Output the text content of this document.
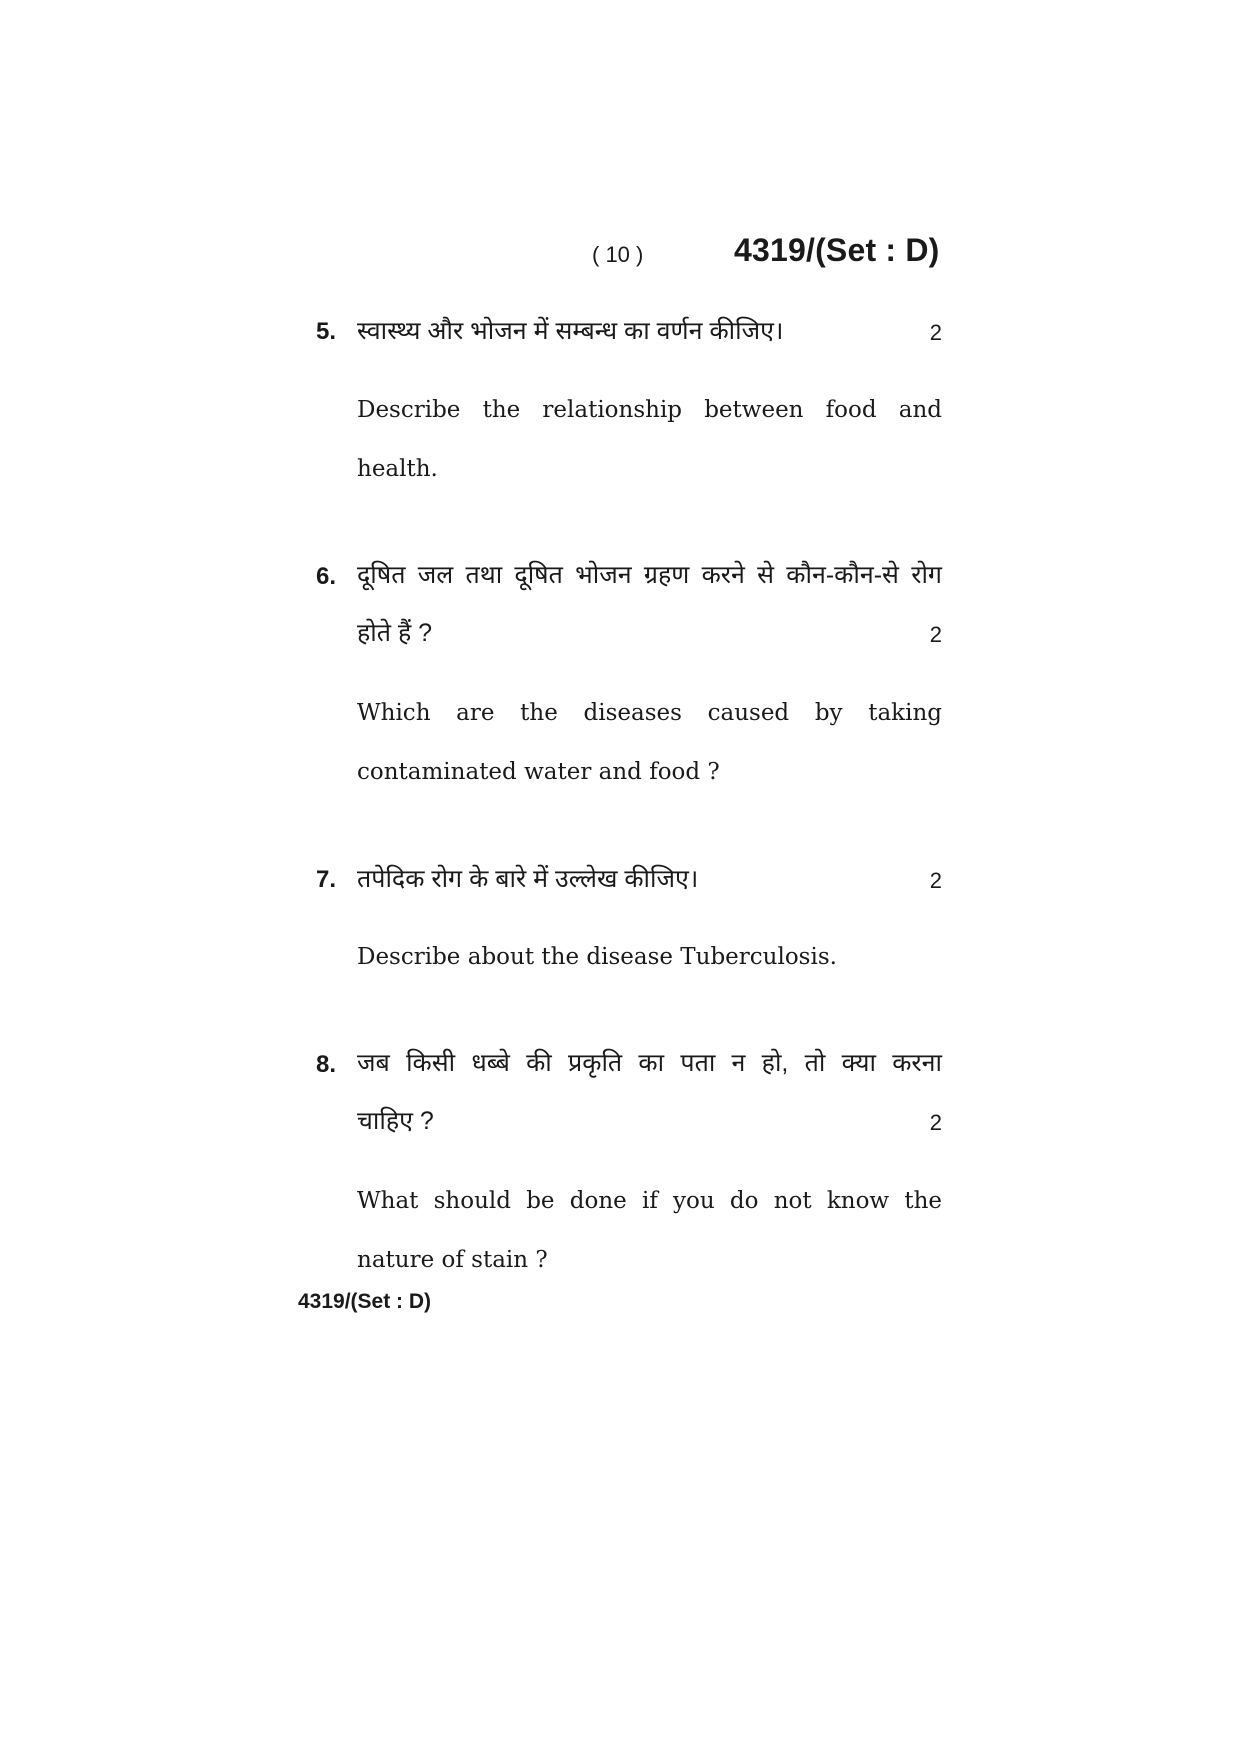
( 10 )	4319/(Set : D)
5. स्वास्थ्य और भोजन में सम्बन्ध का वर्णन कीजिए।	2
Describe the relationship between food and
health.
6. दूषित जल तथा दूषित भोजन ग्रहण करने से कौन-कौन-से रोग
होते हैं ?	2
Which are the diseases caused by taking
contaminated water and food ?
7. तपेदिक रोग के बारे में उल्लेख कीजिए।	2
Describe about the disease Tuberculosis.
8. जब किसी धब्बे की प्रकृति का पता न हो, तो क्या करना
चाहिए ?	2
What should be done if you do not know the
nature of stain ?
4319/(Set : D)
